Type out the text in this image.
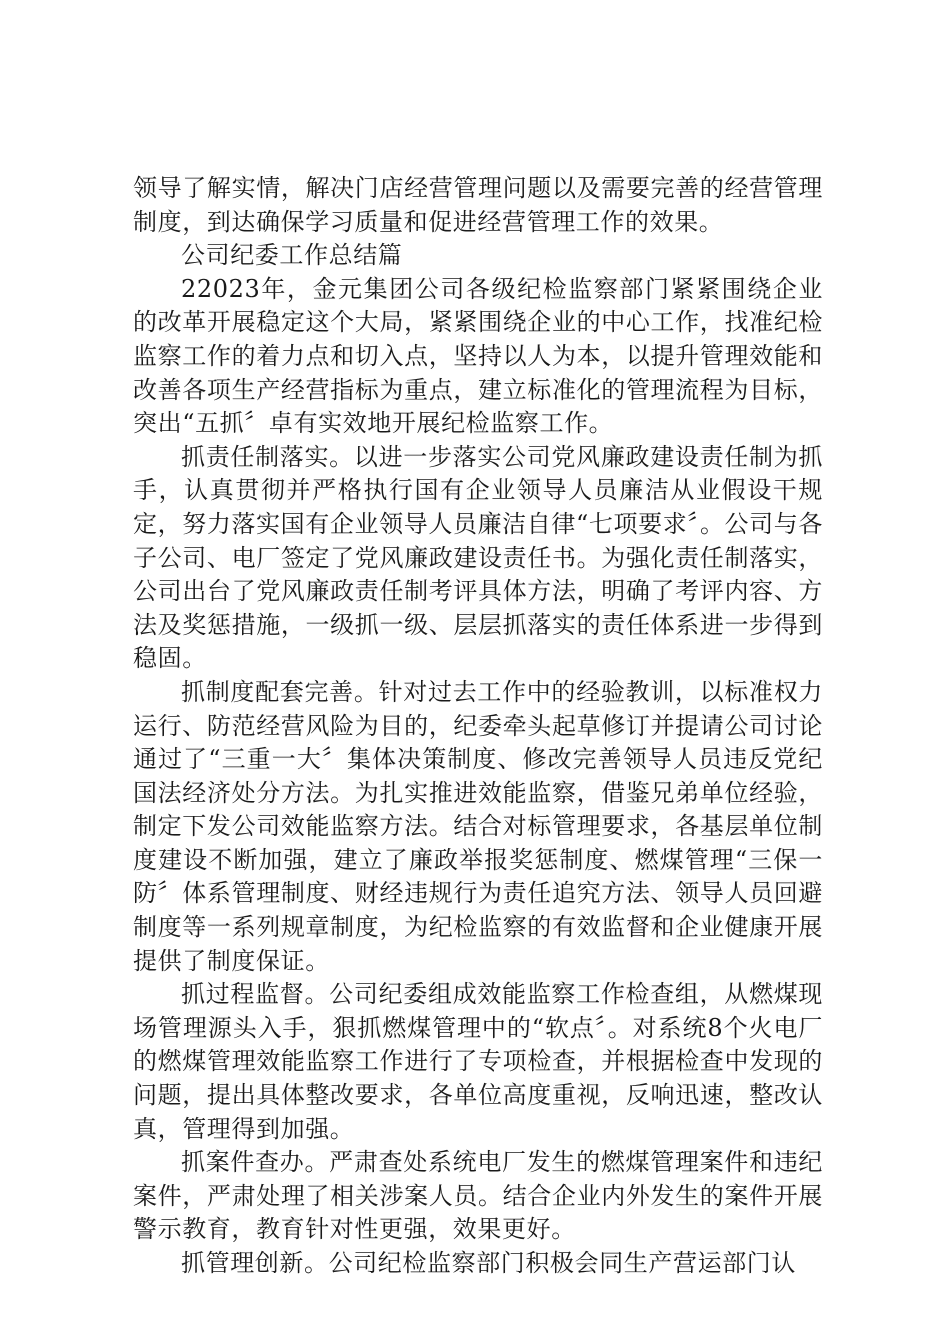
领导了解实情，解决门店经营管理问题以及需要完善的经营管理制度，到达确保学习质量和促进经营管理工作的效果。

公司纪委工作总结篇

22023年，金元集团公司各级纪检监察部门紧紧围绕企业的改革开展稳定这个大局，紧紧围绕企业的中心工作，找准纪检监察工作的着力点和切入点，坚持以人为本，以提升管理效能和改善各项生产经营指标为重点，建立标准化的管理流程为目标，突出“五抓〞卓有实效地开展纪检监察工作。

抓责任制落实。以进一步落实公司党风廉政建设责任制为抓手，认真贯彻并严格执行国有企业领导人员廉洁从业假设干规定，努力落实国有企业领导人员廉洁自律“七项要求〞。公司与各子公司、电厂签定了党风廉政建设责任书。为强化责任制落实，公司出台了党风廉政责任制考评具体方法，明确了考评内容、方法及奖惩措施，一级抓一级、层层抓落实的责任体系进一步得到稳固。

抓制度配套完善。针对过去工作中的经验教训，以标准权力运行、防范经营风险为目的，纪委牵头起草修订并提请公司讨论通过了“三重一大〞集体决策制度、修改完善领导人员违反党纪国法经济处分方法。为扎实推进效能监察，借鉴兄弟单位经验，制定下发公司效能监察方法。结合对标管理要求，各基层单位制度建设不断加强，建立了廉政举报奖惩制度、燃煤管理“三保一防〞体系管理制度、财经违规行为责任追究方法、领导人员回避制度等一系列规章制度，为纪检监察的有效监督和企业健康开展提供了制度保证。

抓过程监督。公司纪委组成效能监察工作检查组，从燃煤现场管理源头入手，狠抓燃煤管理中的“软点〞。对系统8个火电厂的燃煤管理效能监察工作进行了专项检查，并根据检查中发现的问题，提出具体整改要求，各单位高度重视，反响迅速，整改认真，管理得到加强。

抓案件查办。严肃查处系统电厂发生的燃煤管理案件和违纪案件，严肃处理了相关涉案人员。结合企业内外发生的案件开展警示教育，教育针对性更强，效果更好。

抓管理创新。公司纪检监察部门积极会同生产营运部门认
